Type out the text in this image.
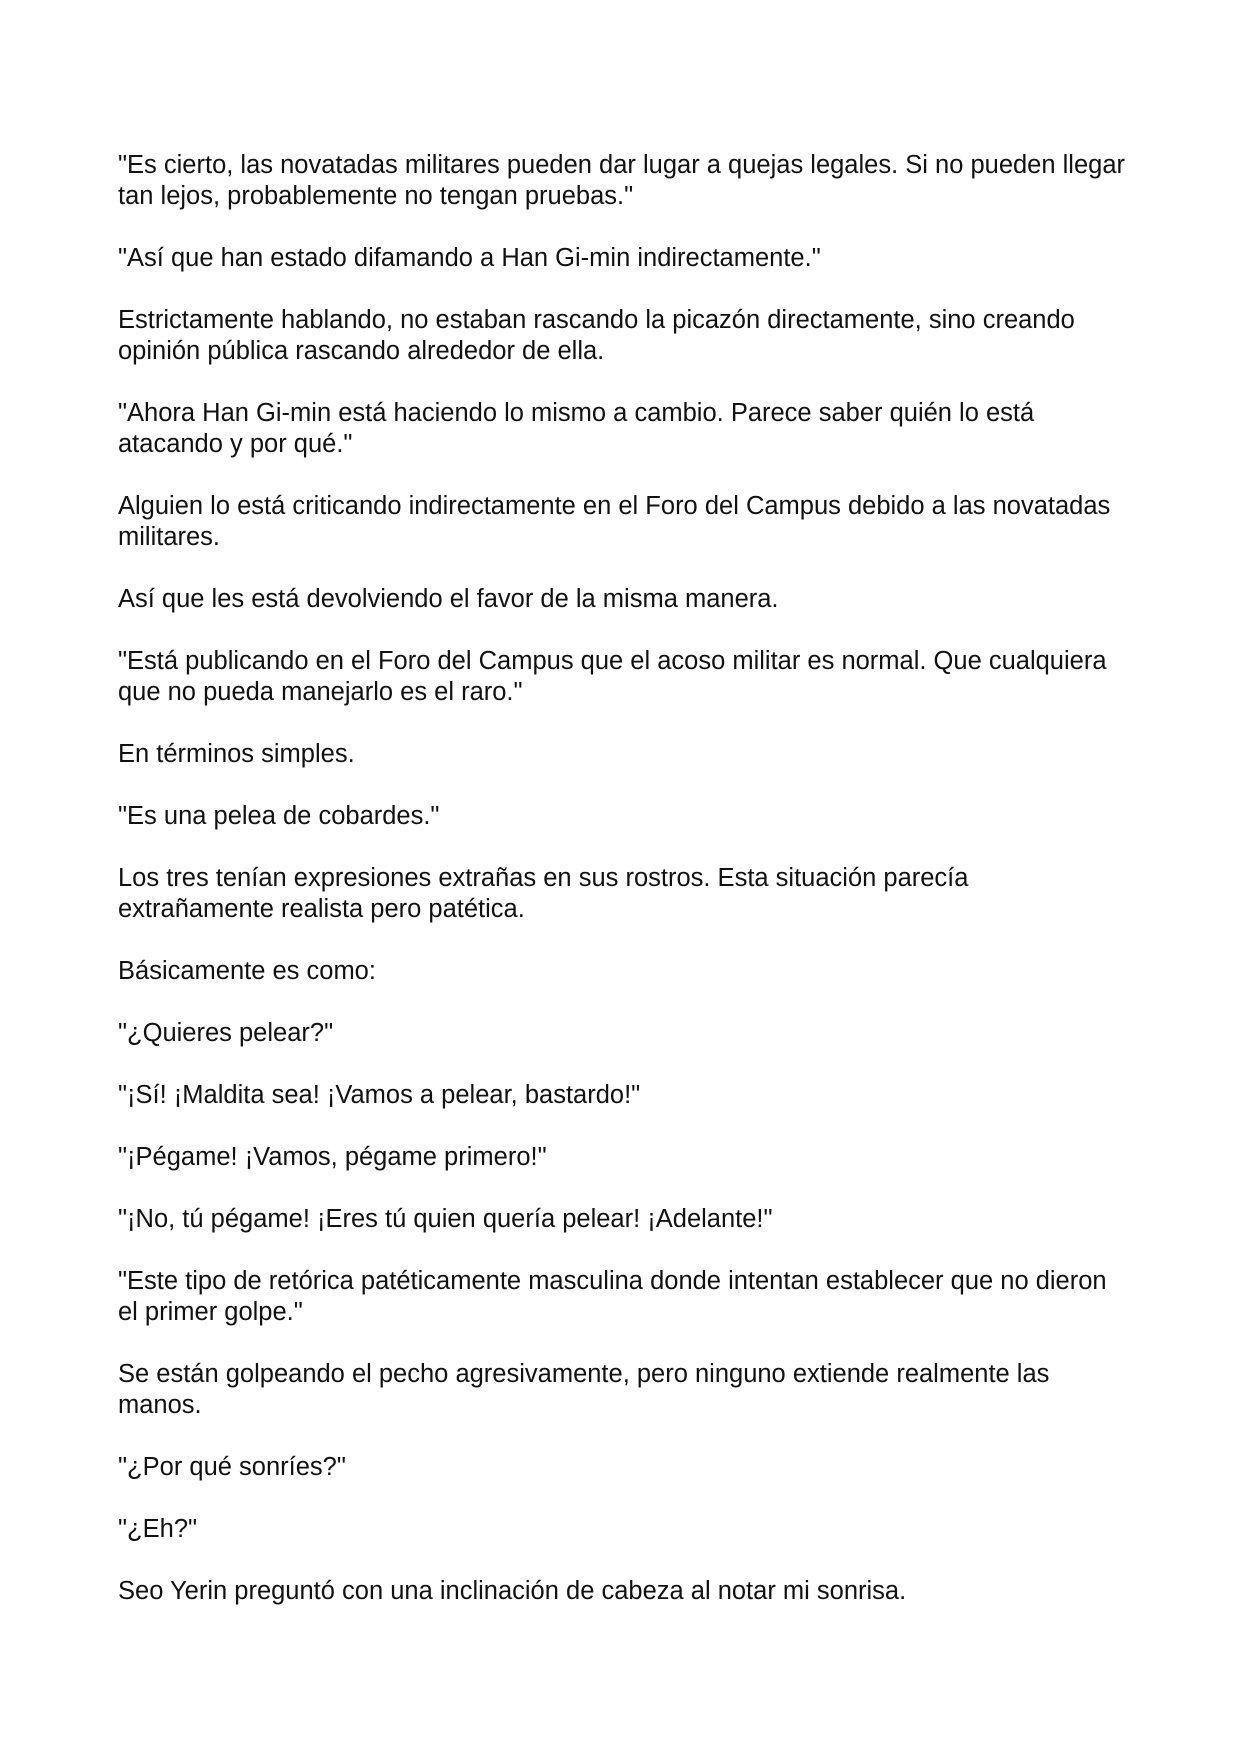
"Es cierto, las novatadas militares pueden dar lugar a quejas legales. Si no pueden llegar tan lejos, probablemente no tengan pruebas."

"Así que han estado difamando a Han Gi-min indirectamente."

Estrictamente hablando, no estaban rascando la picazón directamente, sino creando opinión pública rascando alrededor de ella.

"Ahora Han Gi-min está haciendo lo mismo a cambio. Parece saber quién lo está atacando y por qué."

Alguien lo está criticando indirectamente en el Foro del Campus debido a las novatadas militares.

Así que les está devolviendo el favor de la misma manera.

"Está publicando en el Foro del Campus que el acoso militar es normal. Que cualquiera que no pueda manejarlo es el raro."

En términos simples.

"Es una pelea de cobardes."

Los tres tenían expresiones extrañas en sus rostros. Esta situación parecía extrañamente realista pero patética.

Básicamente es como:

"¿Quieres pelear?"

"¡Sí! ¡Maldita sea! ¡Vamos a pelear, bastardo!"

"¡Pégame! ¡Vamos, pégame primero!"

"¡No, tú pégame! ¡Eres tú quien quería pelear! ¡Adelante!"

"Este tipo de retórica patéticamente masculina donde intentan establecer que no dieron el primer golpe."

Se están golpeando el pecho agresivamente, pero ninguno extiende realmente las manos.

"¿Por qué sonríes?"

"¿Eh?"

Seo Yerin preguntó con una inclinación de cabeza al notar mi sonrisa.
